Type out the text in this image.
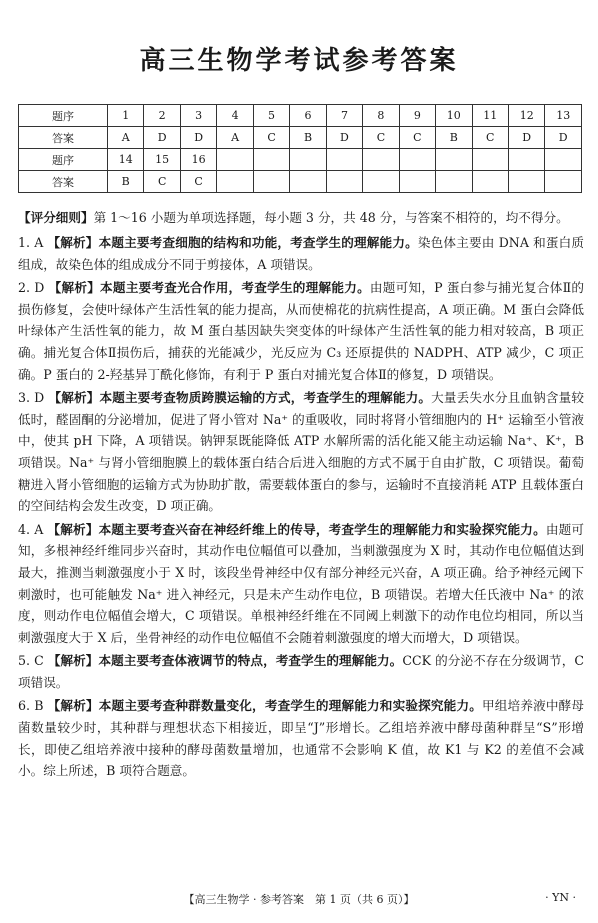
高三生物学考试参考答案
题序	1	2	3	4	5	6	7	8	9	10	11	12	13
答案	A	D	D	A	C	B	D	C	C	B	C	D	D
题序	14	15	16										
答案	B	C	C										
【评分细则】第 1～16 小题为单项选择题，每小题 3 分，共 48 分，与答案不相符的，均不得分。

1. A 【解析】本题主要考查细胞的结构和功能，考查学生的理解能力。染色体主要由 DNA 和蛋白质组成，故染色体的组成成分不同于剪接体，A 项错误。

2. D 【解析】本题主要考查光合作用，考查学生的理解能力。由题可知，P 蛋白参与捕光复合体Ⅱ的损伤修复，会使叶绿体产生活性氧的能力提高，从而使棉花的抗病性提高，A 项正确。M 蛋白会降低叶绿体产生活性氧的能力，故 M 蛋白基因缺失突变体的叶绿体产生活性氧的能力相对较高，B 项正确。捕光复合体Ⅱ损伤后，捕获的光能减少，光反应为 C₃ 还原提供的 NADPH、ATP 减少，C 项正确。P 蛋白的 2-羟基异丁酰化修饰，有利于 P 蛋白对捕光复合体Ⅱ的修复，D 项错误。

3. D 【解析】本题主要考查物质跨膜运输的方式，考查学生的理解能力。大量丢失水分且血钠含量较低时，醛固酮的分泌增加，促进了肾小管对 Na⁺ 的重吸收，同时将肾小管细胞内的 H⁺ 运输至小管液中，使其 pH 下降，A 项错误。钠钾泵既能降低 ATP 水解所需的活化能又能主动运输 Na⁺、K⁺，B 项错误。Na⁺ 与肾小管细胞膜上的载体蛋白结合后进入细胞的方式不属于自由扩散，C 项错误。葡萄糖进入肾小管细胞的运输方式为协助扩散，需要载体蛋白的参与，运输时不直接消耗 ATP 且载体蛋白的空间结构会发生改变，D 项正确。

4. A 【解析】本题主要考查兴奋在神经纤维上的传导，考查学生的理解能力和实验探究能力。由题可知，多根神经纤维同步兴奋时，其动作电位幅值可以叠加，当刺激强度为 X 时，其动作电位幅值达到最大，推测当刺激强度小于 X 时，该段坐骨神经中仅有部分神经元兴奋，A 项正确。给予神经元阈下刺激时，也可能触发 Na⁺ 进入神经元，只是未产生动作电位，B 项错误。若增大任氏液中 Na⁺ 的浓度，则动作电位幅值会增大，C 项错误。单根神经纤维在不同阈上刺激下的动作电位均相同，所以当刺激强度大于 X 后，坐骨神经的动作电位幅值不会随着刺激强度的增大而增大，D 项错误。

5. C 【解析】本题主要考查体液调节的特点，考查学生的理解能力。CCK 的分泌不存在分级调节，C 项错误。

6. B 【解析】本题主要考查种群数量变化，考查学生的理解能力和实验探究能力。甲组培养液中酵母菌数量较少时，其种群与理想状态下相接近，即呈“J”形增长。乙组培养液中酵母菌种群呈“S”形增长，即使乙组培养液中接种的酵母菌数量增加，也通常不会影响 K 值，故 K1 与 K2 的差值不会减小。综上所述，B 项符合题意。

【高三生物学 · 参考答案　第 1 页（共 6 页）】	· YN ·
